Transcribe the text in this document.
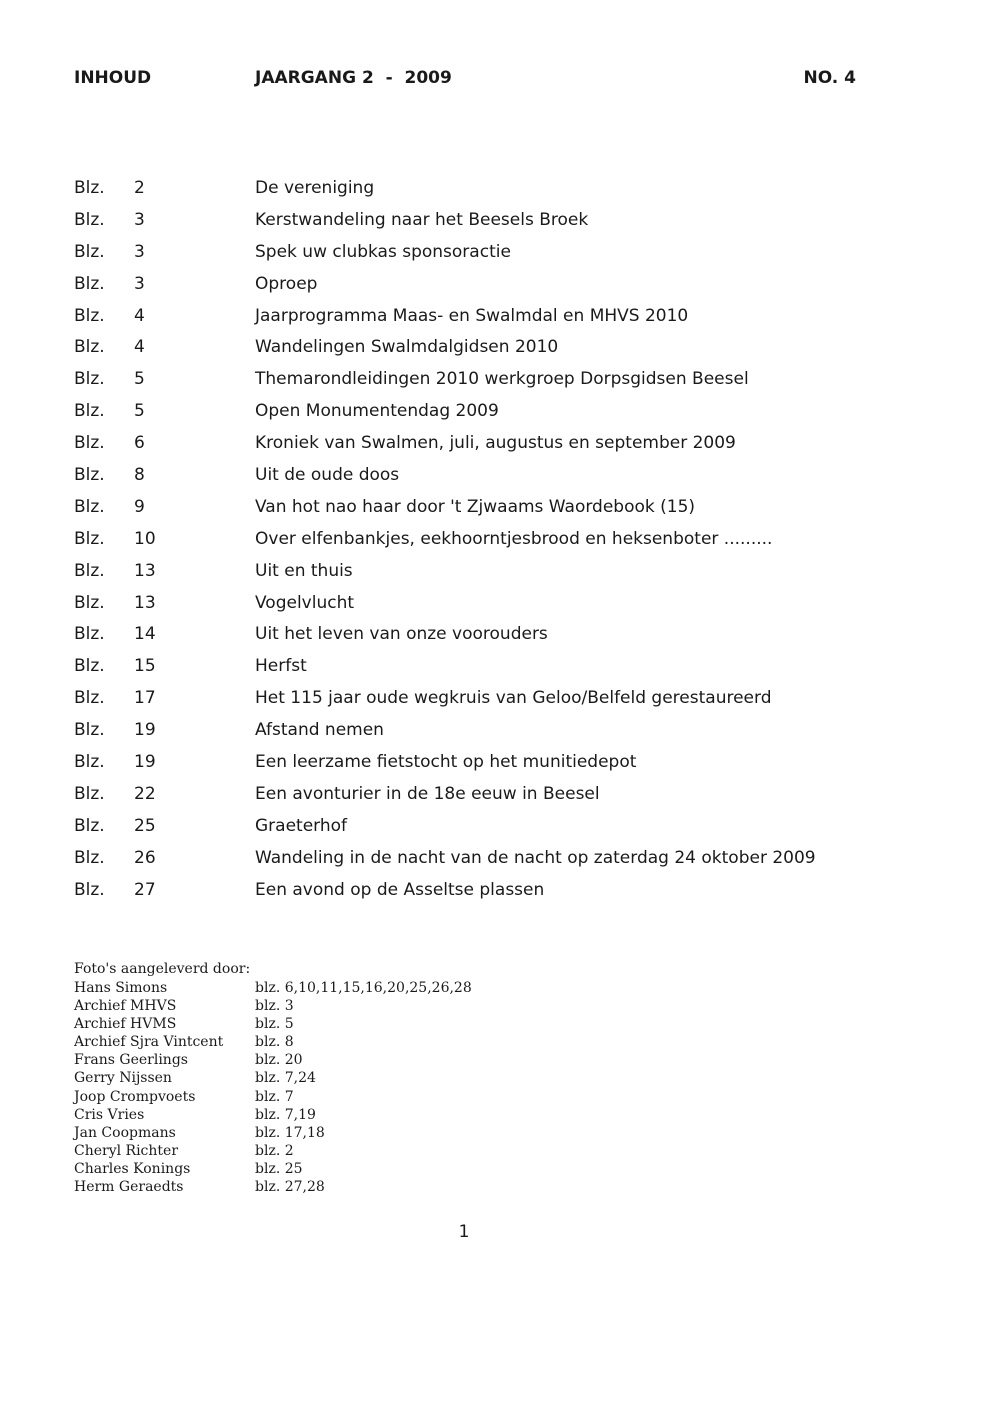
INHOUD	JAARGANG 2  -  2009	NO. 4
Blz. 2	De vereniging
Blz. 3	Kerstwandeling naar het Beesels Broek
Blz. 3	Spek uw clubkas sponsoractie
Blz. 3	Oproep
Blz. 4	Jaarprogramma Maas- en Swalmdal en MHVS 2010
Blz. 4	Wandelingen Swalmdalgidsen 2010
Blz. 5	Themarondleidingen 2010 werkgroep Dorpsgidsen Beesel
Blz. 5	Open Monumentendag 2009
Blz. 6	Kroniek van Swalmen, juli, augustus en september 2009
Blz. 8	Uit de oude doos
Blz. 9	Van hot nao haar door 't Zjwaams Waordebook (15)
Blz. 10	Over elfenbankjes, eekhoorntjesbrood en heksenboter .........
Blz. 13	Uit en thuis
Blz. 13	Vogelvlucht
Blz. 14	Uit het leven van onze voorouders
Blz. 15	Herfst
Blz. 17	Het 115 jaar oude wegkruis van Geloo/Belfeld gerestaureerd
Blz. 19	Afstand nemen
Blz. 19	Een leerzame fietstocht op het munitiedepot
Blz. 22	Een avonturier in de 18e eeuw in Beesel
Blz. 25	Graeterhof
Blz. 26	Wandeling in de nacht van de nacht op zaterdag 24 oktober 2009
Blz. 27	Een avond op de Asseltse plassen
Foto's aangeleverd door:
Hans Simons	blz. 6,10,11,15,16,20,25,26,28
Archief MHVS	blz. 3
Archief HVMS	blz. 5
Archief Sjra Vintcent blz. 8
Frans Geerlings	blz. 20
Gerry Nijssen	blz. 7,24
Joop Crompvoets	blz. 7
Cris Vries	blz. 7,19
Jan Coopmans	blz. 17,18
Cheryl Richter	blz. 2
Charles Konings	blz. 25
Herm Geraedts	blz. 27,28
1
